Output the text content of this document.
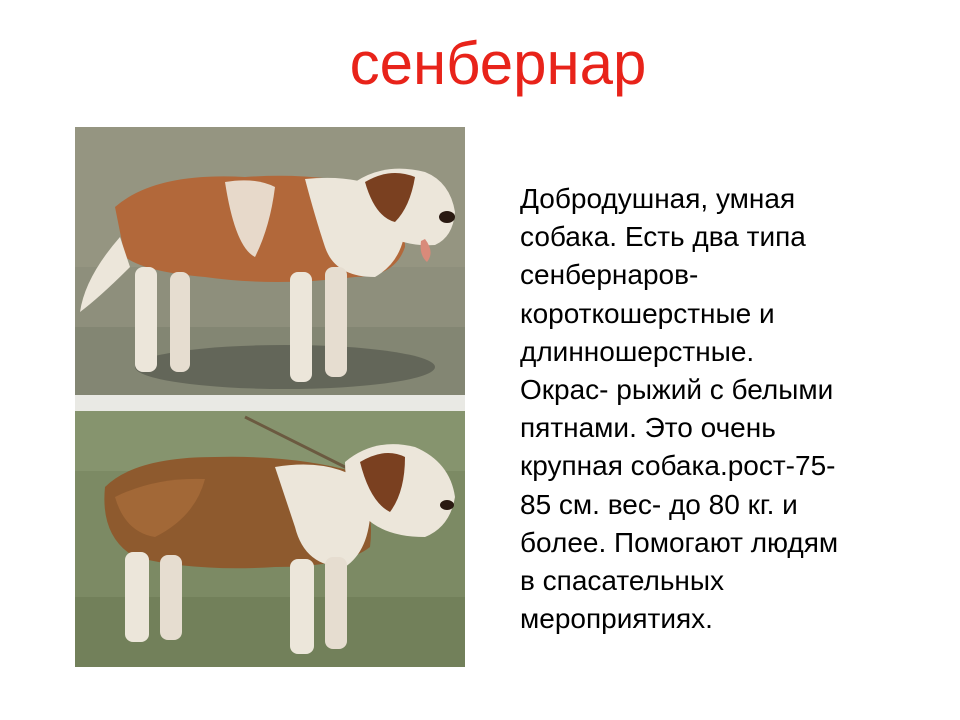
сенбернар
Добродушная, умная
собака. Есть два типа
сенбернаров-
короткошерстные и
длинношерстные.
Окрас- рыжий с белыми
пятнами. Это очень
крупная собака.рост-75-
85 см. вес- до 80 кг. и
более. Помогают людям
в спасательных
мероприятиях.
